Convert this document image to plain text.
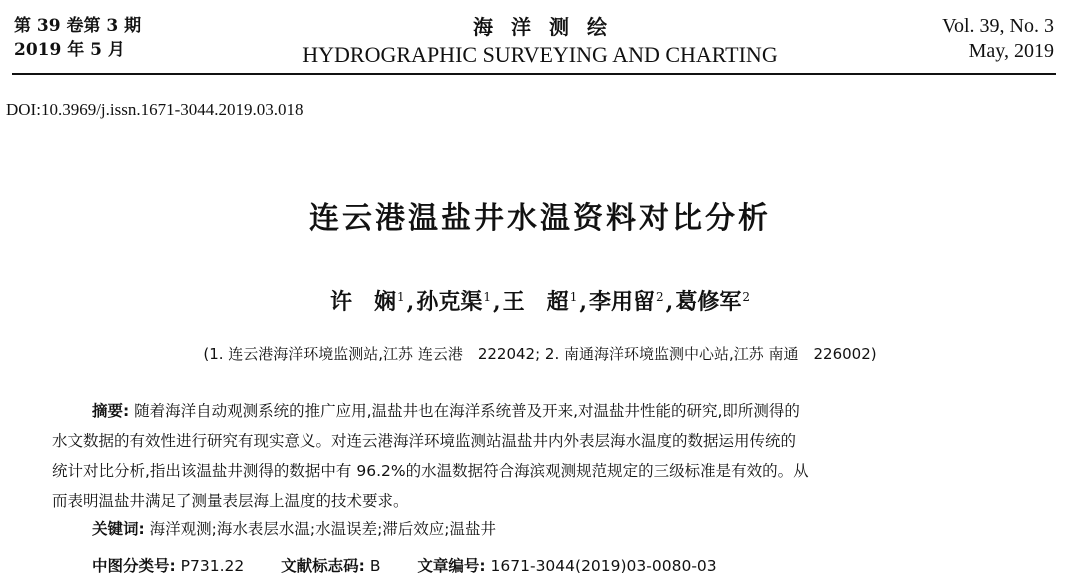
第 39 卷第 3 期
2019 年 5 月
海洋测绘
HYDROGRAPHIC SURVEYING AND CHARTING
Vol. 39, No. 3
May, 2019
DOI:10.3969/j.issn.1671-3044.2019.03.018
连云港温盐井水温资料对比分析
许　娴$^1$,孙克渠$^1$,王　超$^1$,李用留$^2$,葛修军$^2$
(1. 连云港海洋环境监测站,江苏 连云港　222042; 2. 南通海洋环境监测中心站,江苏 南通　226002)
摘要: 随着海洋自动观测系统的推广应用,温盐井也在海洋系统普及开来,对温盐井性能的研究,即所测得的
水文数据的有效性进行研究有现实意义。对连云港海洋环境监测站温盐井内外表层海水温度的数据运用传统的
统计对比分析,指出该温盐井测得的数据中有 96.2%的水温数据符合海滨观测规范规定的三级标准是有效的。从
而表明温盐井满足了测量表层海上温度的技术要求。
关键词: 海洋观测;海水表层水温;水温误差;滞后效应;温盐井
中图分类号: P731.22 文献标志码: B 文章编号: 1671-3044(2019)03-0080-03
